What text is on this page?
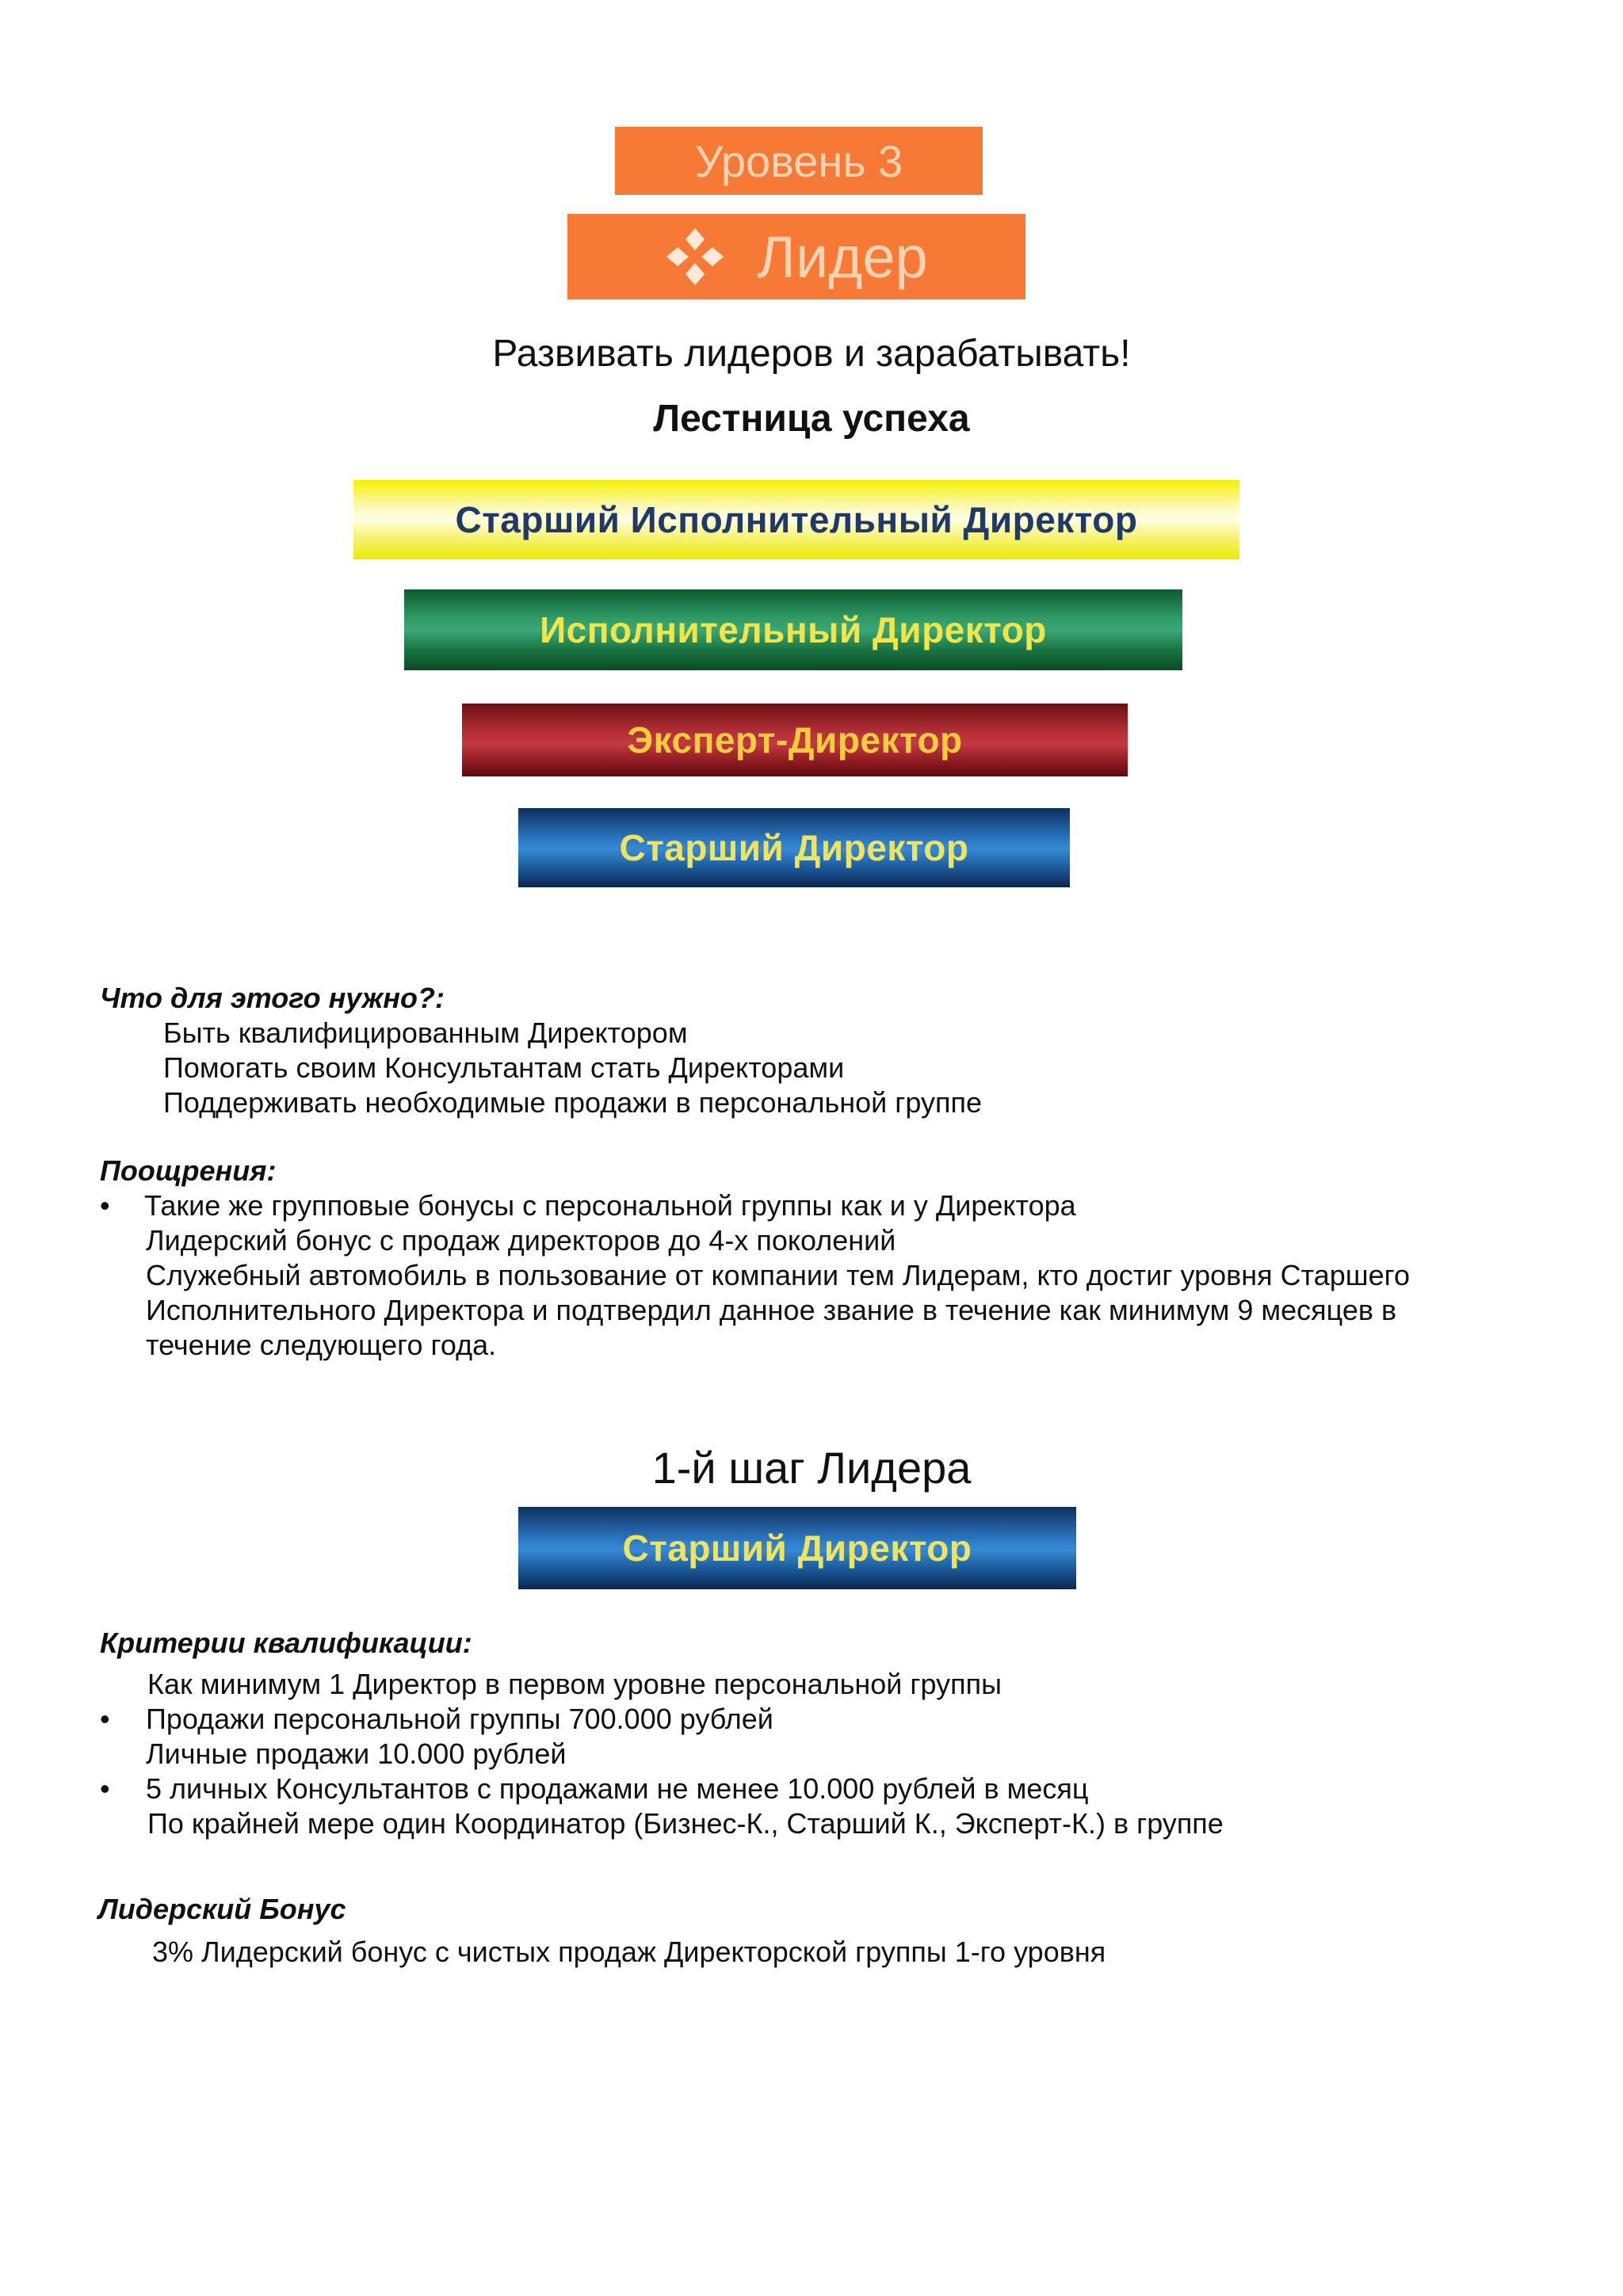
Уровень 3
Лидер
Развивать лидеров и зарабатывать!
Лестница успеха
Старший Исполнительный Директор
Исполнительный Директор
Эксперт-Директор
Старший Директор
Что для этого нужно?:
Быть квалифицированным Директором
Помогать своим Консультантам стать Директорами
Поддерживать необходимые продажи в персональной группе
Поощрения:
• Такие же групповые бонусы с персональной группы как и у Директора
Лидерский бонус с продаж директоров до 4-х поколений
Служебный автомобиль в пользование от компании тем Лидерам, кто достиг уровня Старшего
Исполнительного Директора и подтвердил данное звание в течение как минимум 9 месяцев в
течение следующего года.
1-й шаг Лидера
Старший Директор
Критерии квалификации:
Как минимум 1 Директор в первом уровне персональной группы
• Продажи персональной группы 700.000 рублей
Личные продажи 10.000 рублей
• 5 личных Консультантов с продажами не менее 10.000 рублей в месяц
По крайней мере один Координатор (Бизнес-К., Старший К., Эксперт-К.) в группе
Лидерский Бонус
3% Лидерский бонус с чистых продаж Директорской группы 1-го уровня
